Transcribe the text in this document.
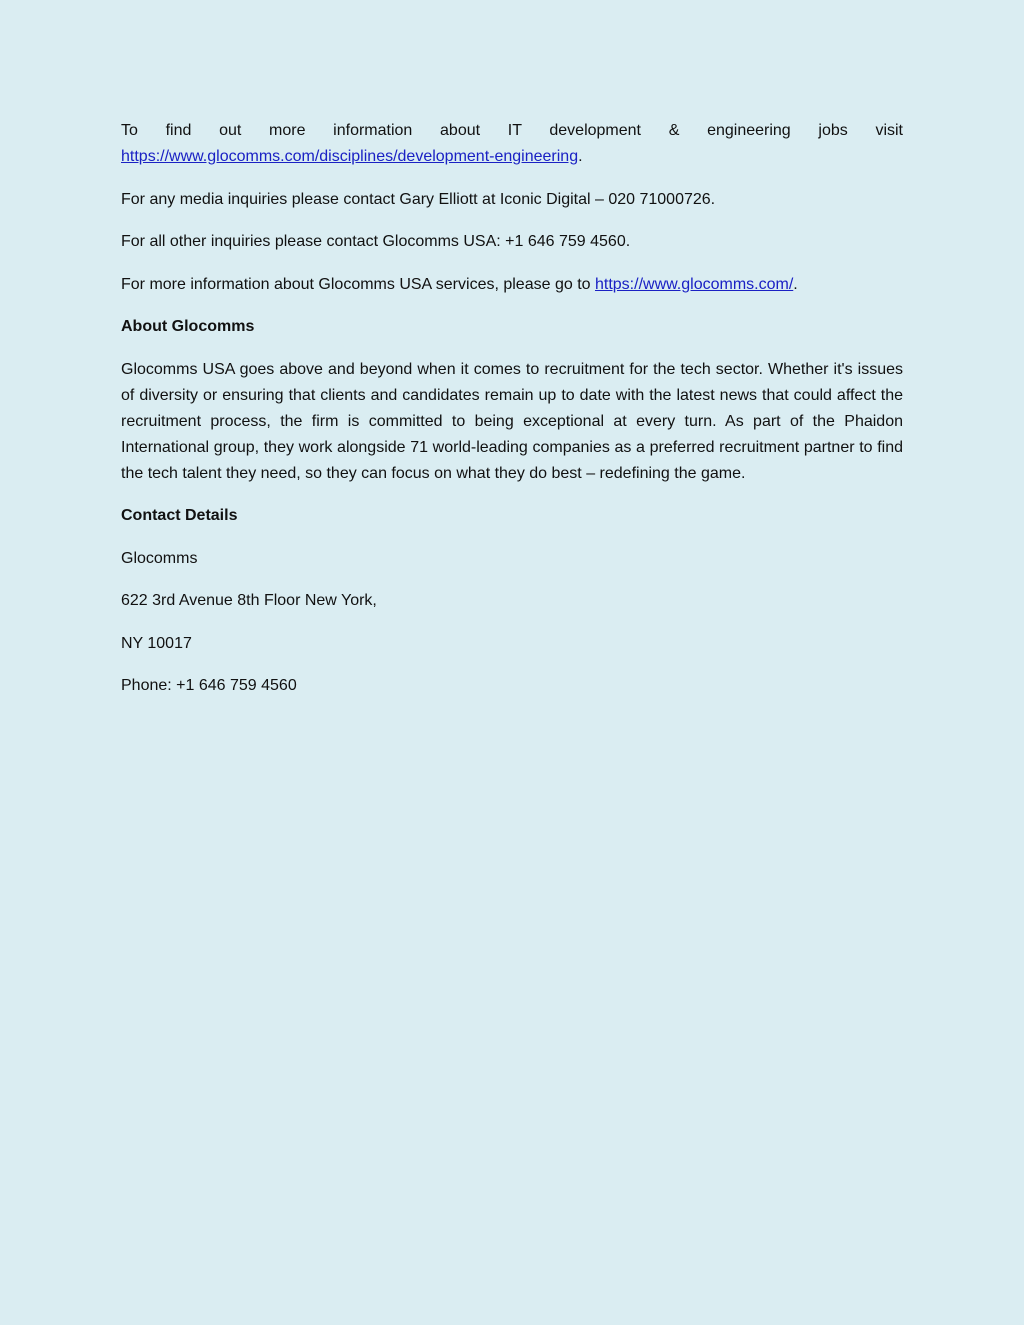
To find out more information about IT development & engineering jobs visit https://www.glocomms.com/disciplines/development-engineering.

For any media inquiries please contact Gary Elliott at Iconic Digital – 020 71000726.

For all other inquiries please contact Glocomms USA: +1 646 759 4560.

For more information about Glocomms USA services, please go to https://www.glocomms.com/.

About Glocomms

Glocomms USA goes above and beyond when it comes to recruitment for the tech sector. Whether it's issues of diversity or ensuring that clients and candidates remain up to date with the latest news that could affect the recruitment process, the firm is committed to being exceptional at every turn. As part of the Phaidon International group, they work alongside 71 world-leading companies as a preferred recruitment partner to find the tech talent they need, so they can focus on what they do best – redefining the game.

Contact Details

Glocomms

622 3rd Avenue 8th Floor New York,

NY 10017

Phone: +1 646 759 4560
